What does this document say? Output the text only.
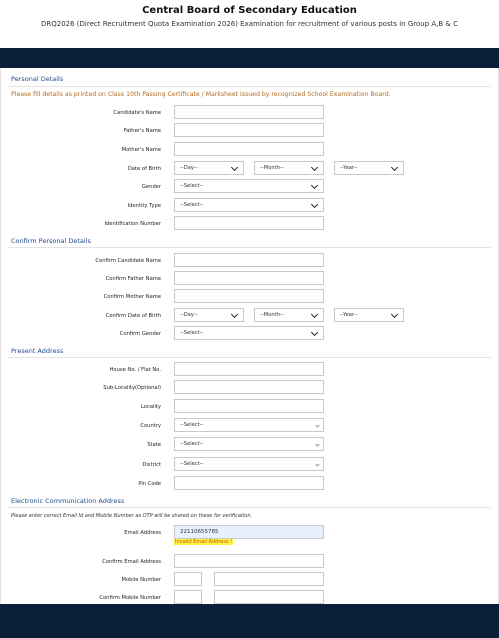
Central Board of Secondary Education
DRQ2026 (Direct Recruitment Quota Examination 2026) Examination for recruitment of various posts in Group A,B & C
Personal Details
Please fill details as printed on Class 10th Passing Certificate / Marksheet issued by recognized School Examination Board.
Candidate's Name
Father's Name
Mother's Name
Date of Birth	--Day--	--Month--	--Year--
Gender	--Select--
Identity Type	--Select--
Identification Number
Confirm Personal Details
Confirm Candidate Name
Confirm Father Name
Confirm Mother Name
Confirm Date of Birth	--Day--	--Month--	--Year--
Confirm Gender	--Select--
Present Address
House No. / Flat No.
Sub-Locality(Optional)
Locality
Country	--Select--
State	--Select--
District	--Select--
Pin Code
Electronic Communication Address
Please enter correct Email Id and Mobile Number as OTP will be shared on these for verification.
Email Address	22110655785
Invalid Email Address !
Confirm Email Address
Mobile Number
Confirm Mobile Number
